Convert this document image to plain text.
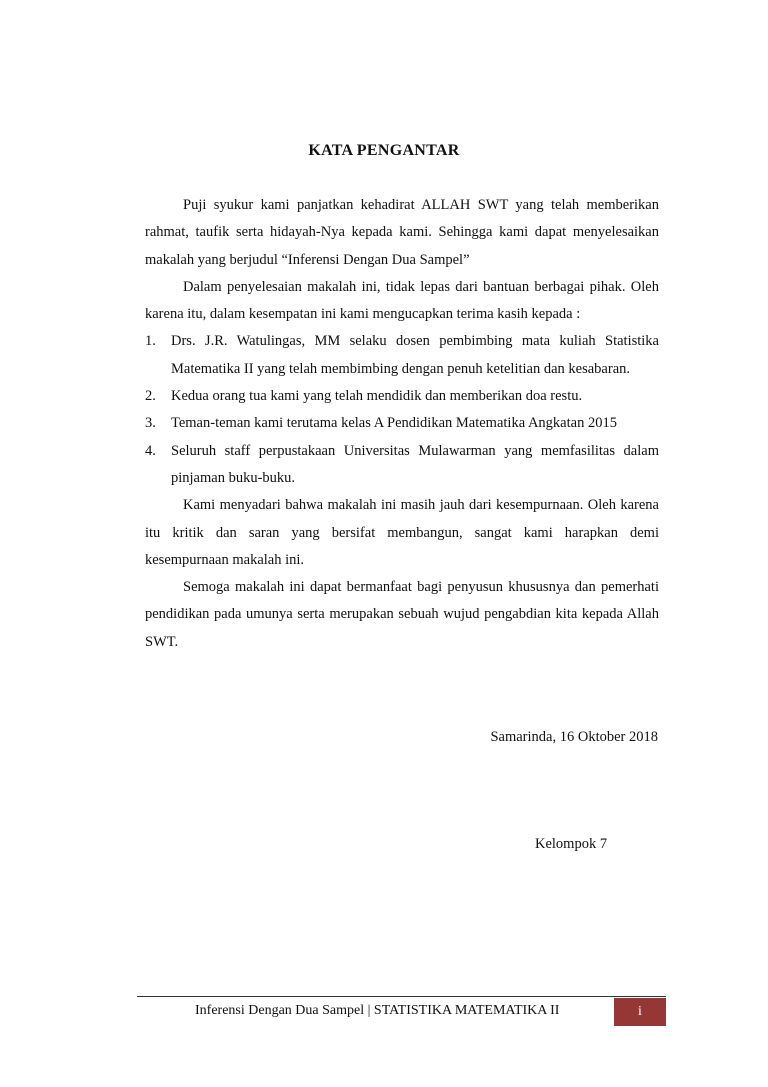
KATA PENGANTAR

Puji syukur kami panjatkan kehadirat ALLAH SWT yang telah memberikan rahmat, taufik serta hidayah-Nya kepada kami. Sehingga kami dapat menyelesaikan makalah yang berjudul “Inferensi Dengan Dua Sampel”

Dalam penyelesaian makalah ini, tidak lepas dari bantuan berbagai pihak. Oleh karena itu, dalam kesempatan ini kami mengucapkan terima kasih kepada :

1. Drs. J.R. Watulingas, MM selaku dosen pembimbing mata kuliah Statistika Matematika II yang telah membimbing dengan penuh ketelitian dan kesabaran.
2. Kedua orang tua kami yang telah mendidik dan memberikan doa restu.
3. Teman-teman kami terutama kelas A Pendidikan Matematika Angkatan 2015
4. Seluruh staff perpustakaan Universitas Mulawarman yang memfasilitas dalam pinjaman buku-buku.

Kami menyadari bahwa makalah ini masih jauh dari kesempurnaan. Oleh karena itu kritik dan saran yang bersifat membangun, sangat kami harapkan demi kesempurnaan makalah ini.

Semoga makalah ini dapat bermanfaat bagi penyusun khususnya dan pemerhati pendidikan pada umunya serta merupakan sebuah wujud pengabdian kita kepada Allah SWT.

Samarinda, 16 Oktober 2018
Kelompok 7
Inferensi Dengan Dua Sampel | STATISTIKA MATEMATIKA II	i
